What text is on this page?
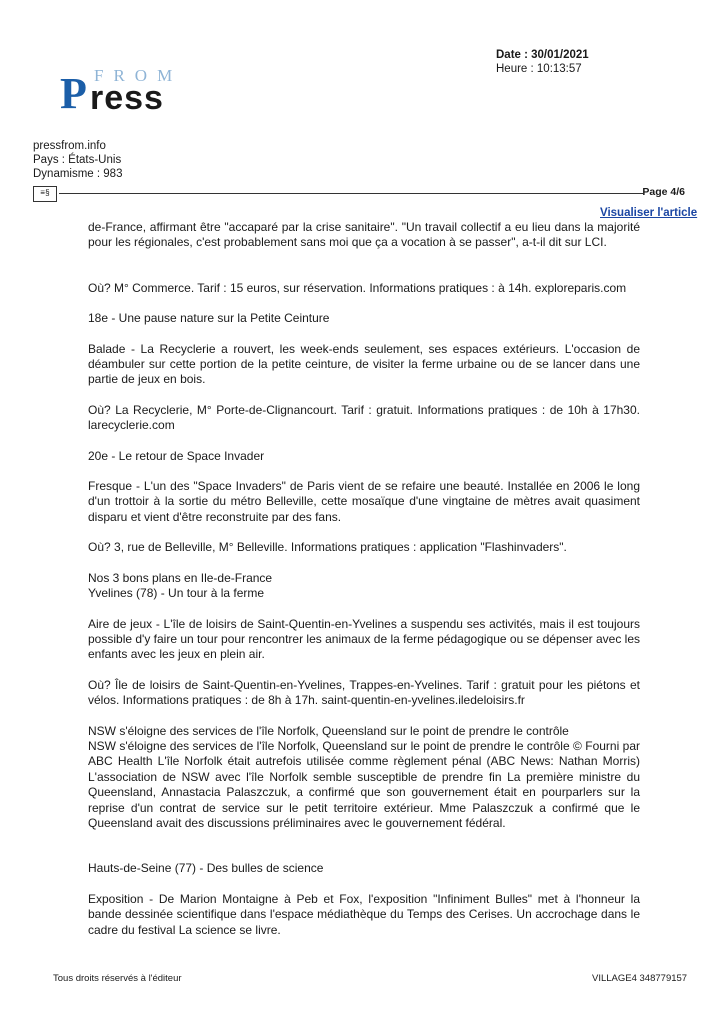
Date : 30/01/2021
Heure : 10:13:57
FROM
P ress
pressfrom.info
Pays : États-Unis
Dynamisme : 983
≡§	Page 4/6
Visualiser l'article

de-France, affirmant être "accaparé par la crise sanitaire". "Un travail collectif a eu lieu dans la majorité pour les régionales, c'est probablement sans moi que ça a vocation à se passer", a-t-il dit sur LCI.

Où? M° Commerce. Tarif : 15 euros, sur réservation. Informations pratiques : à 14h. exploreparis.com

18e - Une pause nature sur la Petite Ceinture

Balade - La Recyclerie a rouvert, les week-ends seulement, ses espaces extérieurs. L'occasion de déambuler sur cette portion de la petite ceinture, de visiter la ferme urbaine ou de se lancer dans une partie de jeux en bois.

Où? La Recyclerie, M° Porte-de-Clignancourt. Tarif : gratuit. Informations pratiques : de 10h à 17h30. larecyclerie.com

20e - Le retour de Space Invader

Fresque - L'un des "Space Invaders" de Paris vient de se refaire une beauté. Installée en 2006 le long d'un trottoir à la sortie du métro Belleville, cette mosaïque d'une vingtaine de mètres avait quasiment disparu et vient d'être reconstruite par des fans.

Où? 3, rue de Belleville, M° Belleville. Informations pratiques : application "Flashinvaders".

Nos 3 bons plans en Ile-de-France

Yvelines (78) - Un tour à la ferme

Aire de jeux - L'île de loisirs de Saint-Quentin-en-Yvelines a suspendu ses activités, mais il est toujours possible d'y faire un tour pour rencontrer les animaux de la ferme pédagogique ou se dépenser avec les enfants avec les jeux en plein air.

Où? Île de loisirs de Saint-Quentin-en-Yvelines, Trappes-en-Yvelines. Tarif : gratuit pour les piétons et vélos. Informations pratiques : de 8h à 17h. saint-quentin-en-yvelines.iledeloisirs.fr

NSW s'éloigne des services de l'île Norfolk, Queensland sur le point de prendre le contrôle

NSW s'éloigne des services de l'île Norfolk, Queensland sur le point de prendre le contrôle © Fourni par ABC Health L'île Norfolk était autrefois utilisée comme règlement pénal (ABC News: Nathan Morris) L'association de NSW avec l'île Norfolk semble susceptible de prendre fin La première ministre du Queensland, Annastacia Palaszczuk, a confirmé que son gouvernement était en pourparlers sur la reprise d'un contrat de service sur le petit territoire extérieur. Mme Palaszczuk a confirmé que le Queensland avait des discussions préliminaires avec le gouvernement fédéral.

Hauts-de-Seine (77) - Des bulles de science

Exposition - De Marion Montaigne à Peb et Fox, l'exposition "Infiniment Bulles" met à l'honneur la bande dessinée scientifique dans l'espace médiathèque du Temps des Cerises. Un accrochage dans le cadre du festival La science se livre.

Tous droits réservés à l'éditeur	VILLAGE4 348779157
